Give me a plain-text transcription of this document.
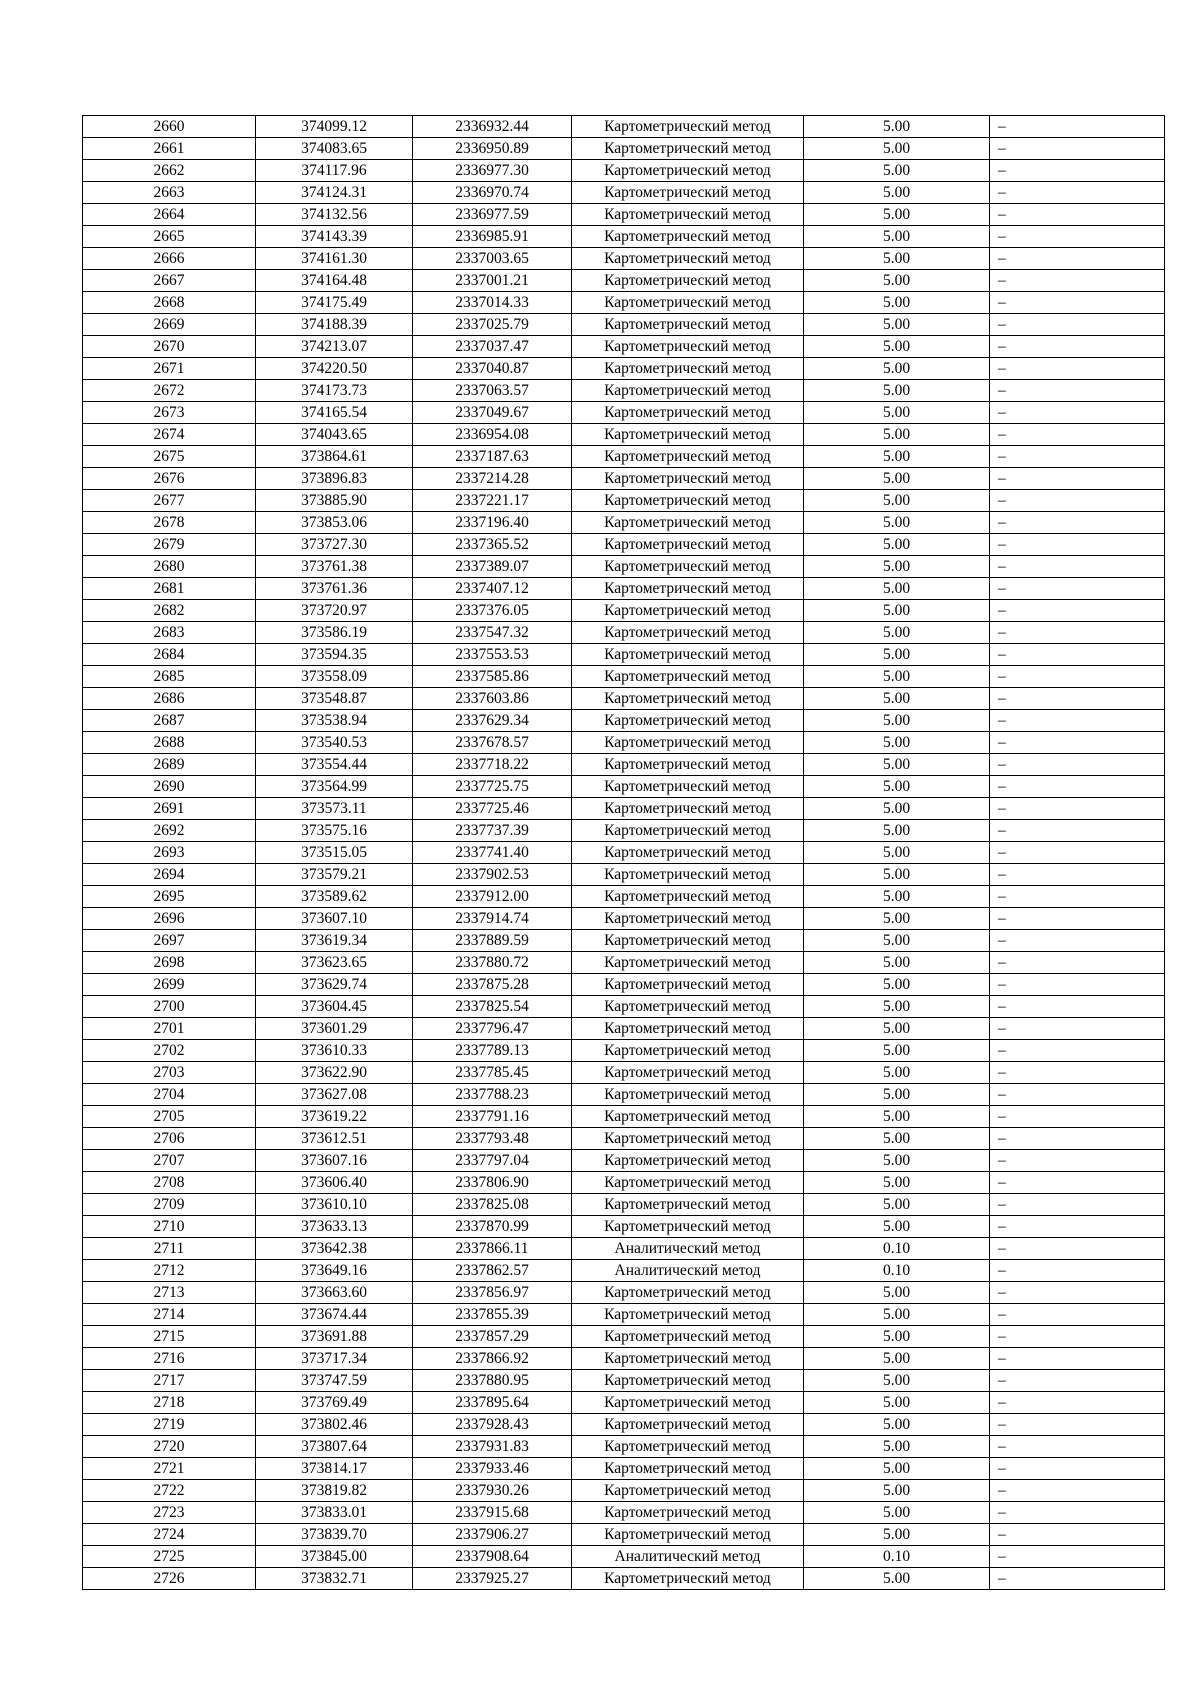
2660	374099.12	2336932.44	Картометрический метод	5.00	–
2661	374083.65	2336950.89	Картометрический метод	5.00	–
2662	374117.96	2336977.30	Картометрический метод	5.00	–
2663	374124.31	2336970.74	Картометрический метод	5.00	–
2664	374132.56	2336977.59	Картометрический метод	5.00	–
2665	374143.39	2336985.91	Картометрический метод	5.00	–
2666	374161.30	2337003.65	Картометрический метод	5.00	–
2667	374164.48	2337001.21	Картометрический метод	5.00	–
2668	374175.49	2337014.33	Картометрический метод	5.00	–
2669	374188.39	2337025.79	Картометрический метод	5.00	–
2670	374213.07	2337037.47	Картометрический метод	5.00	–
2671	374220.50	2337040.87	Картометрический метод	5.00	–
2672	374173.73	2337063.57	Картометрический метод	5.00	–
2673	374165.54	2337049.67	Картометрический метод	5.00	–
2674	374043.65	2336954.08	Картометрический метод	5.00	–
2675	373864.61	2337187.63	Картометрический метод	5.00	–
2676	373896.83	2337214.28	Картометрический метод	5.00	–
2677	373885.90	2337221.17	Картометрический метод	5.00	–
2678	373853.06	2337196.40	Картометрический метод	5.00	–
2679	373727.30	2337365.52	Картометрический метод	5.00	–
2680	373761.38	2337389.07	Картометрический метод	5.00	–
2681	373761.36	2337407.12	Картометрический метод	5.00	–
2682	373720.97	2337376.05	Картометрический метод	5.00	–
2683	373586.19	2337547.32	Картометрический метод	5.00	–
2684	373594.35	2337553.53	Картометрический метод	5.00	–
2685	373558.09	2337585.86	Картометрический метод	5.00	–
2686	373548.87	2337603.86	Картометрический метод	5.00	–
2687	373538.94	2337629.34	Картометрический метод	5.00	–
2688	373540.53	2337678.57	Картометрический метод	5.00	–
2689	373554.44	2337718.22	Картометрический метод	5.00	–
2690	373564.99	2337725.75	Картометрический метод	5.00	–
2691	373573.11	2337725.46	Картометрический метод	5.00	–
2692	373575.16	2337737.39	Картометрический метод	5.00	–
2693	373515.05	2337741.40	Картометрический метод	5.00	–
2694	373579.21	2337902.53	Картометрический метод	5.00	–
2695	373589.62	2337912.00	Картометрический метод	5.00	–
2696	373607.10	2337914.74	Картометрический метод	5.00	–
2697	373619.34	2337889.59	Картометрический метод	5.00	–
2698	373623.65	2337880.72	Картометрический метод	5.00	–
2699	373629.74	2337875.28	Картометрический метод	5.00	–
2700	373604.45	2337825.54	Картометрический метод	5.00	–
2701	373601.29	2337796.47	Картометрический метод	5.00	–
2702	373610.33	2337789.13	Картометрический метод	5.00	–
2703	373622.90	2337785.45	Картометрический метод	5.00	–
2704	373627.08	2337788.23	Картометрический метод	5.00	–
2705	373619.22	2337791.16	Картометрический метод	5.00	–
2706	373612.51	2337793.48	Картометрический метод	5.00	–
2707	373607.16	2337797.04	Картометрический метод	5.00	–
2708	373606.40	2337806.90	Картометрический метод	5.00	–
2709	373610.10	2337825.08	Картометрический метод	5.00	–
2710	373633.13	2337870.99	Картометрический метод	5.00	–
2711	373642.38	2337866.11	Аналитический метод	0.10	–
2712	373649.16	2337862.57	Аналитический метод	0.10	–
2713	373663.60	2337856.97	Картометрический метод	5.00	–
2714	373674.44	2337855.39	Картометрический метод	5.00	–
2715	373691.88	2337857.29	Картометрический метод	5.00	–
2716	373717.34	2337866.92	Картометрический метод	5.00	–
2717	373747.59	2337880.95	Картометрический метод	5.00	–
2718	373769.49	2337895.64	Картометрический метод	5.00	–
2719	373802.46	2337928.43	Картометрический метод	5.00	–
2720	373807.64	2337931.83	Картометрический метод	5.00	–
2721	373814.17	2337933.46	Картометрический метод	5.00	–
2722	373819.82	2337930.26	Картометрический метод	5.00	–
2723	373833.01	2337915.68	Картометрический метод	5.00	–
2724	373839.70	2337906.27	Картометрический метод	5.00	–
2725	373845.00	2337908.64	Аналитический метод	0.10	–
2726	373832.71	2337925.27	Картометрический метод	5.00	–
